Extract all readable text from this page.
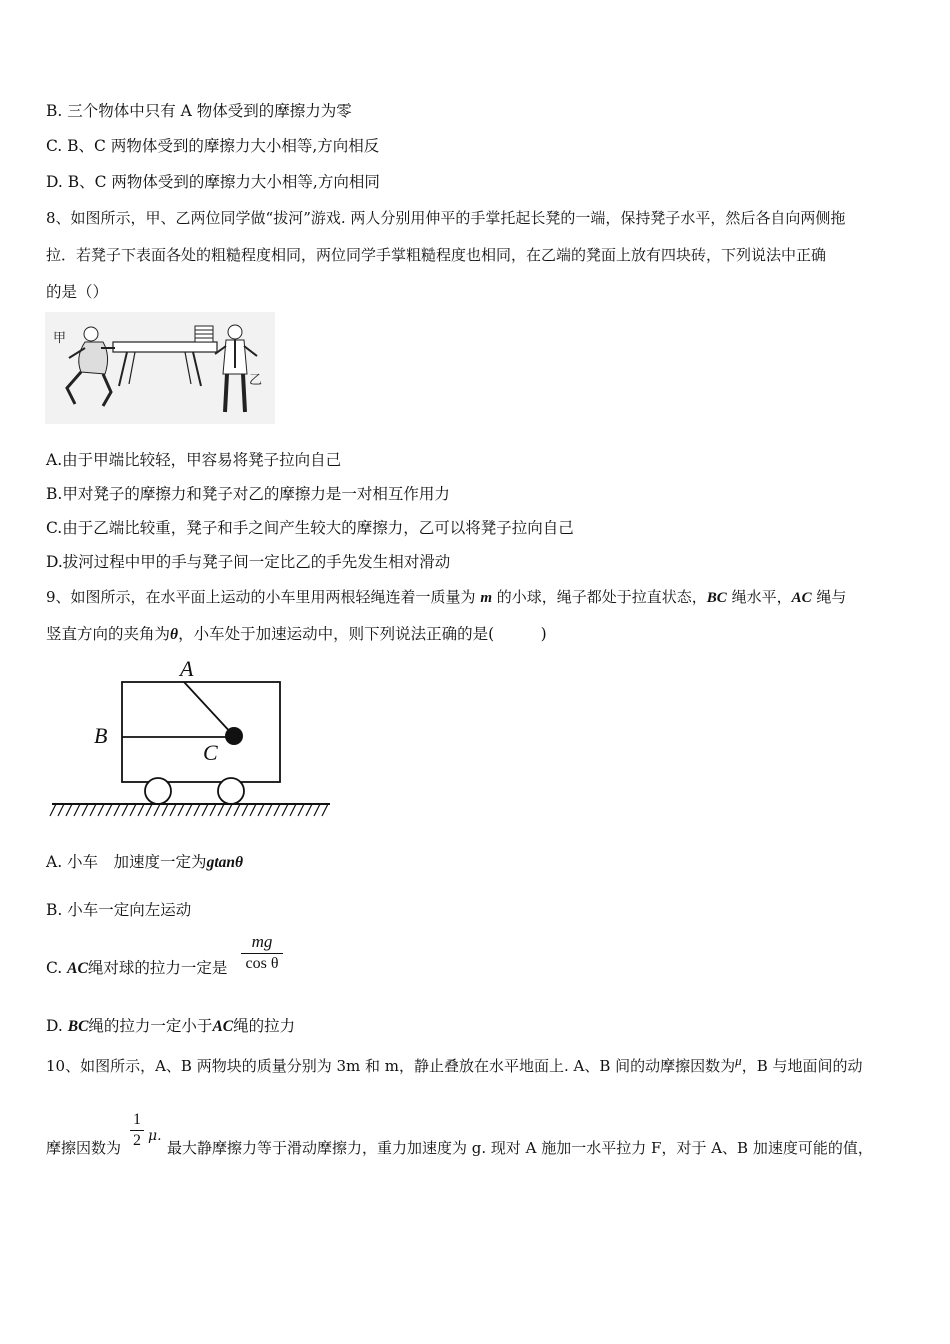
B. 三个物体中只有 A 物体受到的摩擦力为零
C. B、C 两物体受到的摩擦力大小相等,方向相反
D. B、C 两物体受到的摩擦力大小相等,方向相同
8、如图所示，甲、乙两位同学做“拔河”游戏. 两人分别用伸平的手掌托起长凳的一端，保持凳子水平，然后各自向两侧拖
拉．若凳子下表面各处的粗糙程度相同，两位同学手掌粗糙程度也相同，在乙端的凳面上放有四块砖，下列说法中正确
的是（）
甲
乙
A.由于甲端比较轻，甲容易将凳子拉向自己
B.甲对凳子的摩擦力和凳子对乙的摩擦力是一对相互作用力
C.由于乙端比较重，凳子和手之间产生较大的摩擦力，乙可以将凳子拉向自己
D.拔河过程中甲的手与凳子间一定比乙的手先发生相对滑动
9、如图所示，在水平面上运动的小车里用两根轻绳连着一质量为 m 的小球，绳子都处于拉直状态，BC 绳水平，AC 绳与
竖直方向的夹角为θ，小车处于加速运动中，则下列说法正确的是(　　　)
A
B
C
A. 小车　加速度一定为gtanθ
B. 小车一定向左运动
C. AC绳对球的拉力一定是
mg
cos θ
D. BC绳的拉力一定小于AC绳的拉力
10、如图所示，A、B 两物块的质量分别为 3m 和 m，静止叠放在水平地面上. A、B 间的动摩擦因数为$^\mu$，B 与地面间的动
1
2
摩擦因数为
μ.
最大静摩擦力等于滑动摩擦力，重力加速度为 g. 现对 A 施加一水平拉力 F，对于 A、B 加速度可能的值，
